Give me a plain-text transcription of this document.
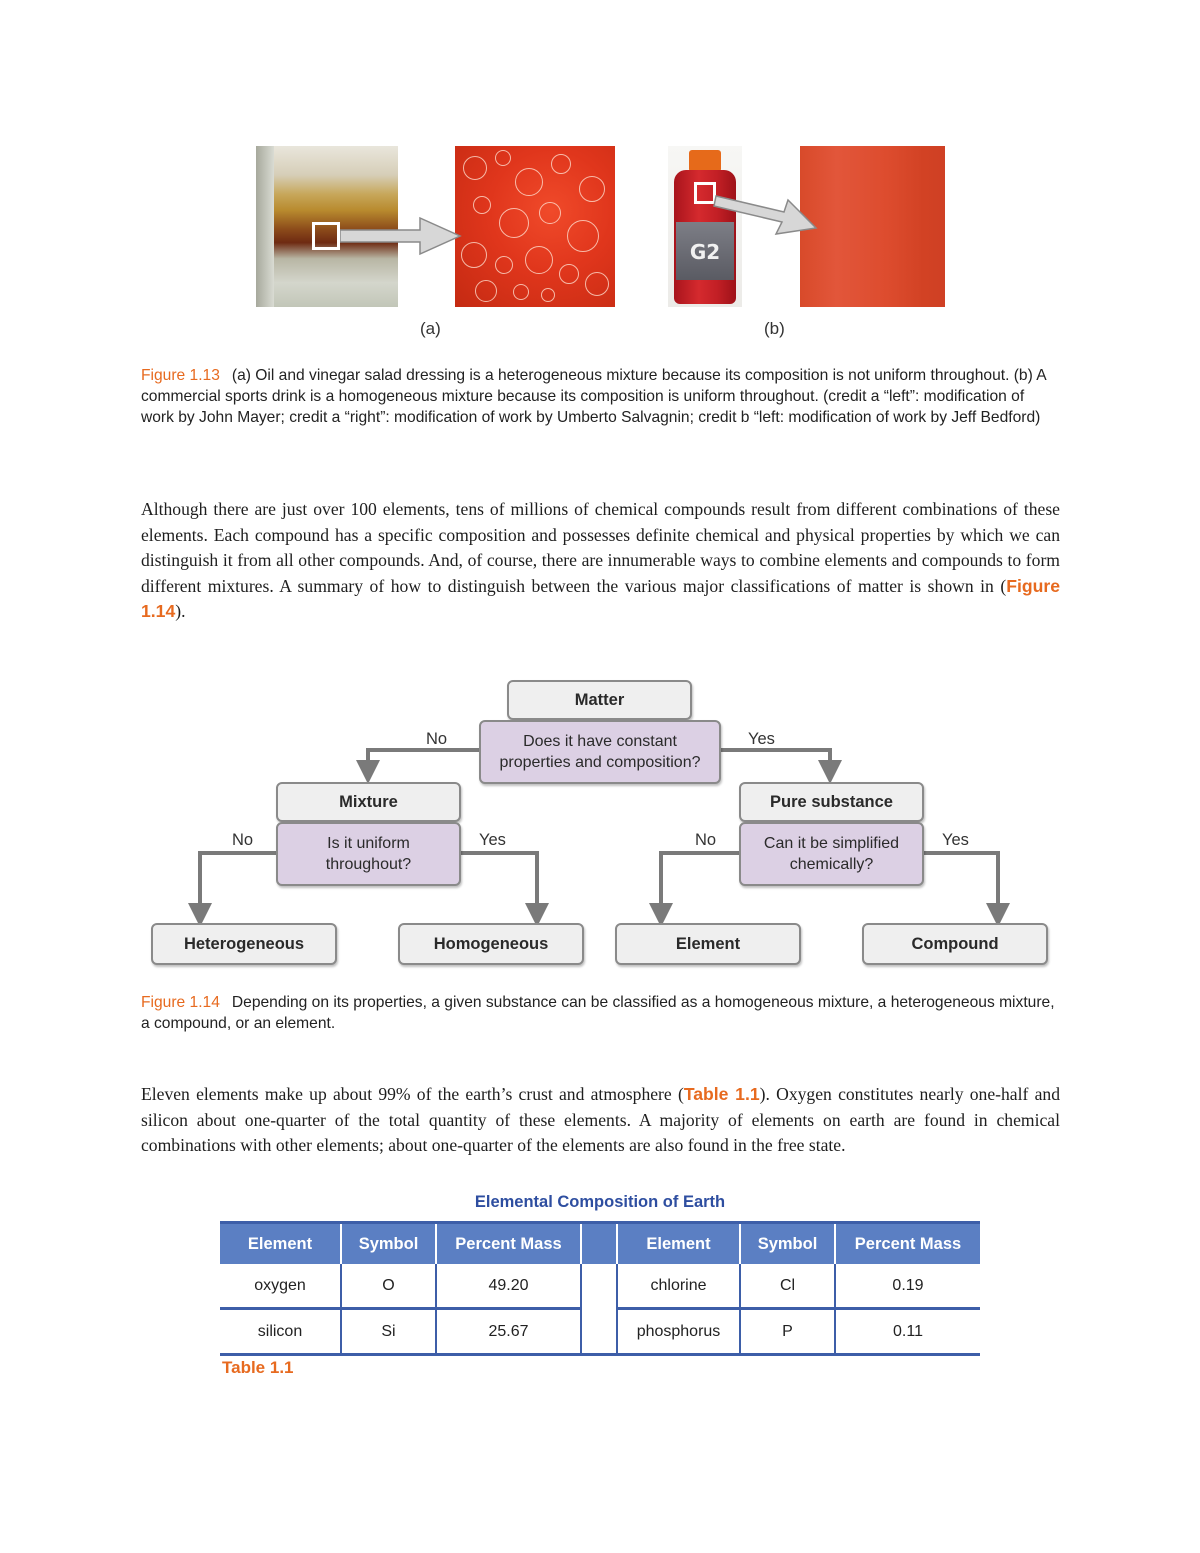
G2
(a)	(b)
Figure 1.13 (a) Oil and vinegar salad dressing is a heterogeneous mixture because its composition is not uniform throughout. (b) A commercial sports drink is a homogeneous mixture because its composition is uniform throughout. (credit a “left”: modification of work by John Mayer; credit a “right”: modification of work by Umberto Salvagnin; credit b “left: modification of work by Jeff Bedford)

Although there are just over 100 elements, tens of millions of chemical compounds result from different combinations of these elements. Each compound has a specific composition and possesses definite chemical and physical properties by which we can distinguish it from all other compounds. And, of course, there are innumerable ways to combine elements and compounds to form different mixtures. A summary of how to distinguish between the various major classifications of matter is shown in (Figure 1.14).

Matter
Does it have constant properties and composition?
No	Yes
Mixture
Is it uniform throughout?
No	Yes
Pure substance
Can it be simplified chemically?
No	Yes
Heterogeneous	Homogeneous	Element	Compound
Figure 1.14 Depending on its properties, a given substance can be classified as a homogeneous mixture, a heterogeneous mixture, a compound, or an element.

Eleven elements make up about 99% of the earth’s crust and atmosphere (Table 1.1). Oxygen constitutes nearly one-half and silicon about one-quarter of the total quantity of these elements. A majority of elements on earth are found in chemical combinations with other elements; about one-quarter of the elements are also found in the free state.

Elemental Composition of Earth
Element	Symbol	Percent Mass		Element	Symbol	Percent Mass
oxygen	O	49.20		chlorine	Cl	0.19
silicon	Si	25.67		phosphorus	P	0.11
Table 1.1
